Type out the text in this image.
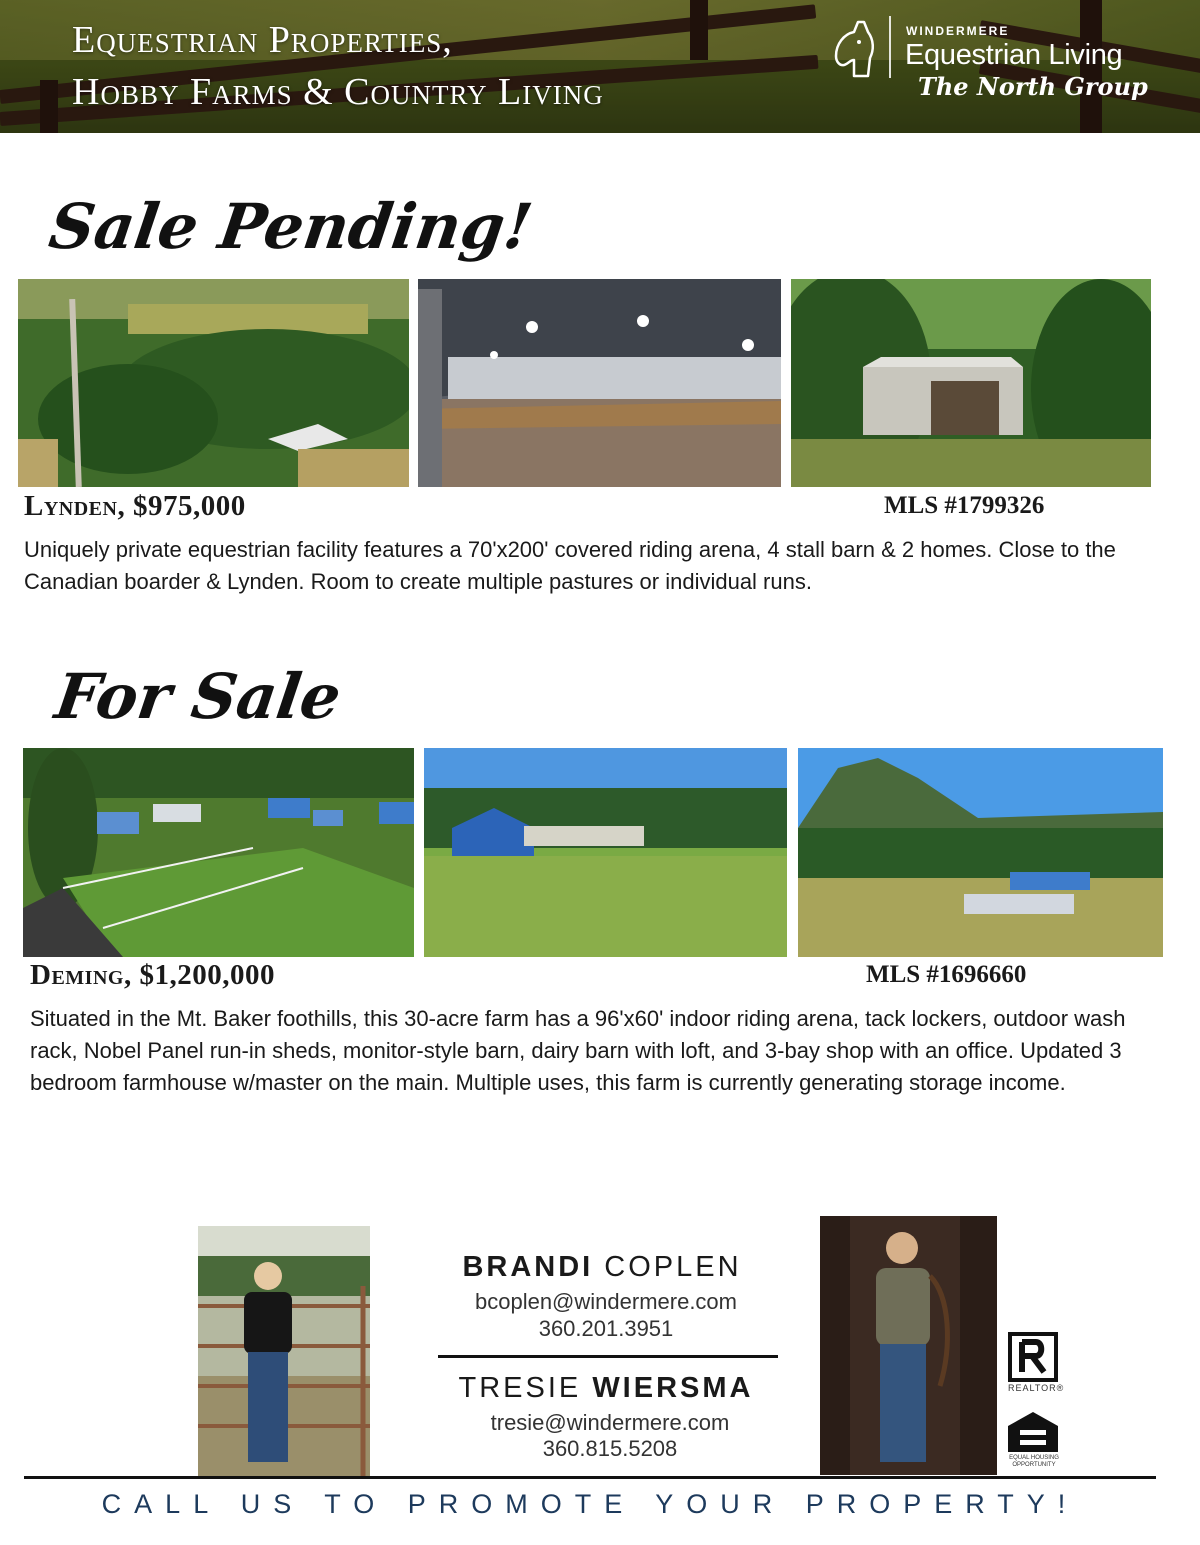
Equestrian Properties,
Hobby Farms & Country Living
WINDERMERE
Equestrian Living
The North Group
Sale Pending!
Lynden, $975,000	MLS #1799326
Uniquely private equestrian facility features a 70'x200' covered riding arena, 4 stall barn & 2 homes. Close to the Canadian boarder & Lynden. Room to create multiple pastures or individual runs.
For Sale
Deming, $1,200,000	MLS #1696660
Situated in the Mt. Baker foothills, this 30-acre farm has a 96'x60' indoor riding arena, tack lockers, outdoor wash rack, Nobel Panel run-in sheds, monitor-style barn, dairy barn with loft, and 3-bay shop with an office. Updated 3 bedroom farmhouse w/master on the main. Multiple uses, this farm is currently generating storage income.
BRANDI COPLEN
bcoplen@windermere.com
360.201.3951
TRESIE WIERSMA
tresie@windermere.com
360.815.5208
REALTOR®
EQUAL HOUSING OPPORTUNITY
CALL US TO PROMOTE YOUR PROPERTY!
